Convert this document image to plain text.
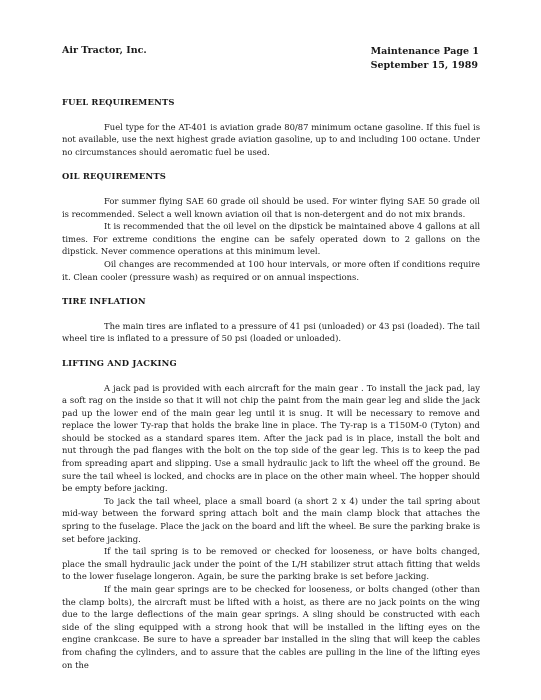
Air Tractor, Inc.	Maintenance Page 1
September 15, 1989
FUEL REQUIREMENTS

Fuel type for the AT-401 is aviation grade 80/87 minimum octane gasoline. If this fuel is not available, use the next highest grade aviation gasoline, up to and including 100 octane. Under no circumstances should aeromatic fuel be used.

OIL REQUIREMENTS

For summer flying SAE 60 grade oil should be used. For winter flying SAE 50 grade oil is recommended. Select a well known aviation oil that is non-detergent and do not mix brands.

It is recommended that the oil level on the dipstick be maintained above 4 gallons at all times. For extreme conditions the engine can be safely operated down to 2 gallons on the dipstick. Never commence operations at this minimum level.

Oil changes are recommended at 100 hour intervals, or more often if conditions require it. Clean cooler (pressure wash) as required or on annual inspections.

TIRE INFLATION

The main tires are inflated to a pressure of 41 psi (unloaded) or 43 psi (loaded). The tail wheel tire is inflated to a pressure of 50 psi (loaded or unloaded).

LIFTING AND JACKING

A jack pad is provided with each aircraft for the main gear . To install the jack pad, lay a soft rag on the inside so that it will not chip the paint from the main gear leg and slide the jack pad up the lower end of the main gear leg until it is snug. It will be necessary to remove and replace the lower Ty-rap that holds the brake line in place. The Ty-rap is a T150M-0 (Tyton) and should be stocked as a standard spares item. After the jack pad is in place, install the bolt and nut through the pad flanges with the bolt on the top side of the gear leg. This is to keep the pad from spreading apart and slipping. Use a small hydraulic jack to lift the wheel off the ground. Be sure the tail wheel is locked, and chocks are in place on the other main wheel. The hopper should be empty before jacking.

To jack the tail wheel, place a small board (a short 2 x 4) under the tail spring about mid-way between the forward spring attach bolt and the main clamp block that attaches the spring to the fuselage. Place the jack on the board and lift the wheel. Be sure the parking brake is set before jacking.

If the tail spring is to be removed or checked for looseness, or have bolts changed, place the small hydraulic jack under the point of the L/H stabilizer strut attach fitting that welds to the lower fuselage longeron. Again, be sure the parking brake is set before jacking.

If the main gear springs are to be checked for looseness, or bolts changed (other than the clamp bolts), the aircraft must be lifted with a hoist, as there are no jack points on the wing due to the large deflections of the main gear springs. A sling should be constructed with each side of the sling equipped with a strong hook that will be installed in the lifting eyes on the engine crankcase. Be sure to have a spreader bar installed in the sling that will keep the cables from chafing the cylinders, and to assure that the cables are pulling in the line of the lifting eyes on the
